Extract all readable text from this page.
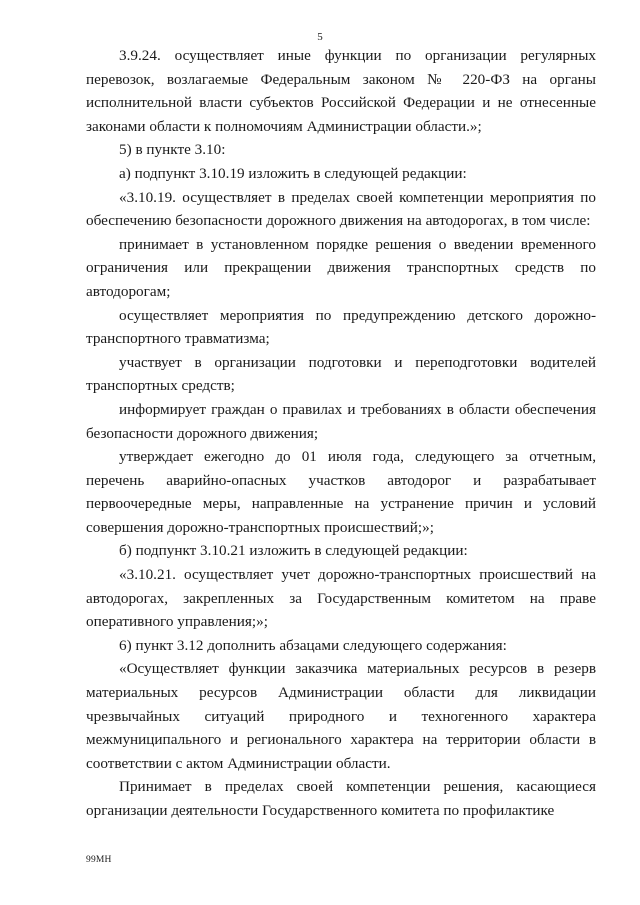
5

3.9.24. осуществляет иные функции по организации регулярных перевозок, возлагаемые Федеральным законом № 220-ФЗ на органы исполнительной власти субъектов Российской Федерации и не отнесенные законами области к полномочиям Администрации области.»;

5) в пункте 3.10:

а) подпункт 3.10.19 изложить в следующей редакции:

«3.10.19. осуществляет в пределах своей компетенции мероприятия по обеспечению безопасности дорожного движения на автодорогах, в том числе:

принимает в установленном порядке решения о введении временного ограничения или прекращении движения транспортных средств по автодорогам;

осуществляет мероприятия по предупреждению детского дорожно-транспортного травматизма;

участвует в организации подготовки и переподготовки водителей транспортных средств;

информирует граждан о правилах и требованиях в области обеспечения безопасности дорожного движения;

утверждает ежегодно до 01 июля года, следующего за отчетным, перечень аварийно-опасных участков автодорог и разрабатывает первоочередные меры, направленные на устранение причин и условий совершения дорожно-транспортных происшествий;»;

б) подпункт 3.10.21 изложить в следующей редакции:

«3.10.21. осуществляет учет дорожно-транспортных происшествий на автодорогах, закрепленных за Государственным комитетом на праве оперативного управления;»;

6) пункт 3.12 дополнить абзацами следующего содержания:

«Осуществляет функции заказчика материальных ресурсов в резерв материальных ресурсов Администрации области для ликвидации чрезвычайных ситуаций природного и техногенного характера межмуниципального и регионального характера на территории области в соответствии с актом Администрации области.

Принимает в пределах своей компетенции решения, касающиеся организации деятельности Государственного комитета по профилактике

99МН
